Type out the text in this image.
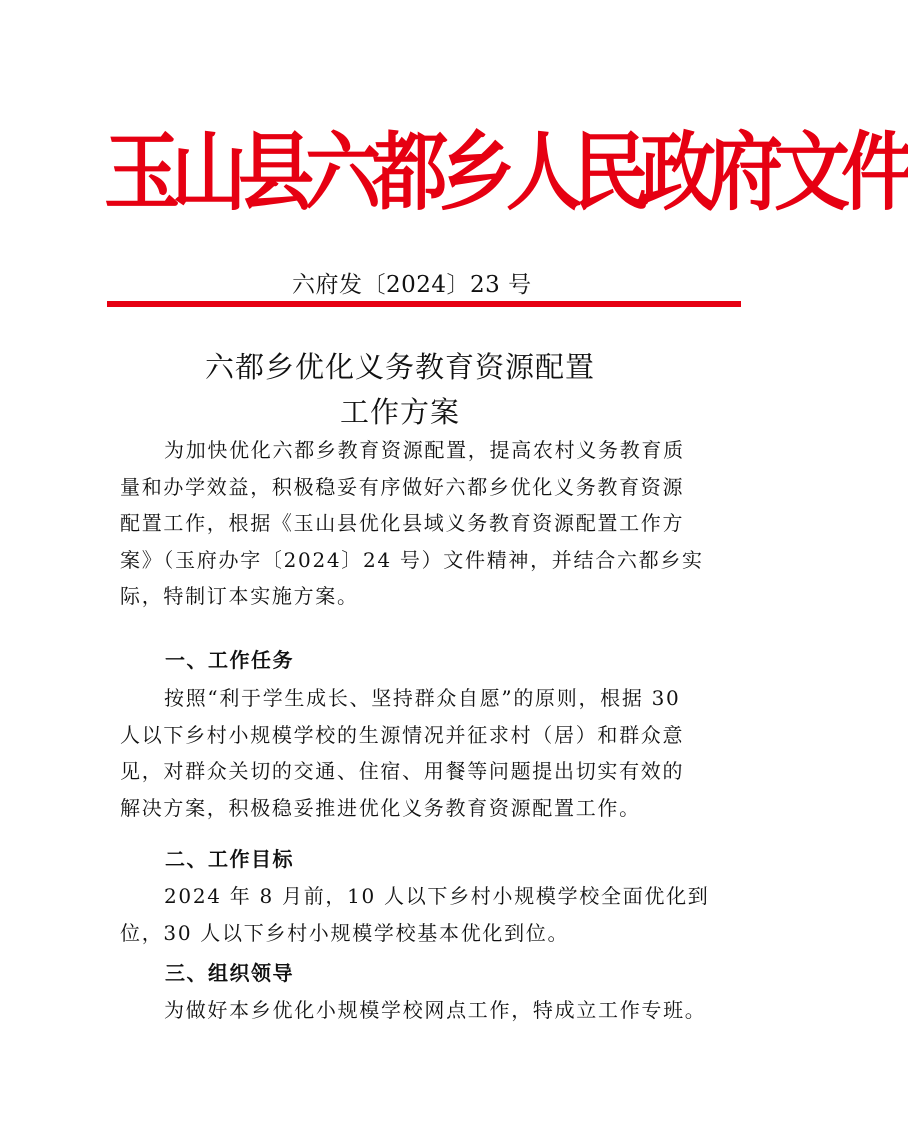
玉山县六都乡人民政府文件
六府发〔2024〕23 号
六都乡优化义务教育资源配置
工作方案
为加快优化六都乡教育资源配置，提高农村义务教育质
量和办学效益，积极稳妥有序做好六都乡优化义务教育资源
配置工作，根据《玉山县优化县域义务教育资源配置工作方
案》（玉府办字〔2024〕24 号）文件精神，并结合六都乡实
际，特制订本实施方案。
一、工作任务
按照“利于学生成长、坚持群众自愿”的原则，根据 30
人以下乡村小规模学校的生源情况并征求村（居）和群众意
见，对群众关切的交通、住宿、用餐等问题提出切实有效的
解决方案，积极稳妥推进优化义务教育资源配置工作。
二、工作目标
2024 年 8 月前，10 人以下乡村小规模学校全面优化到
位，30 人以下乡村小规模学校基本优化到位。
三、组织领导
为做好本乡优化小规模学校网点工作，特成立工作专班。
